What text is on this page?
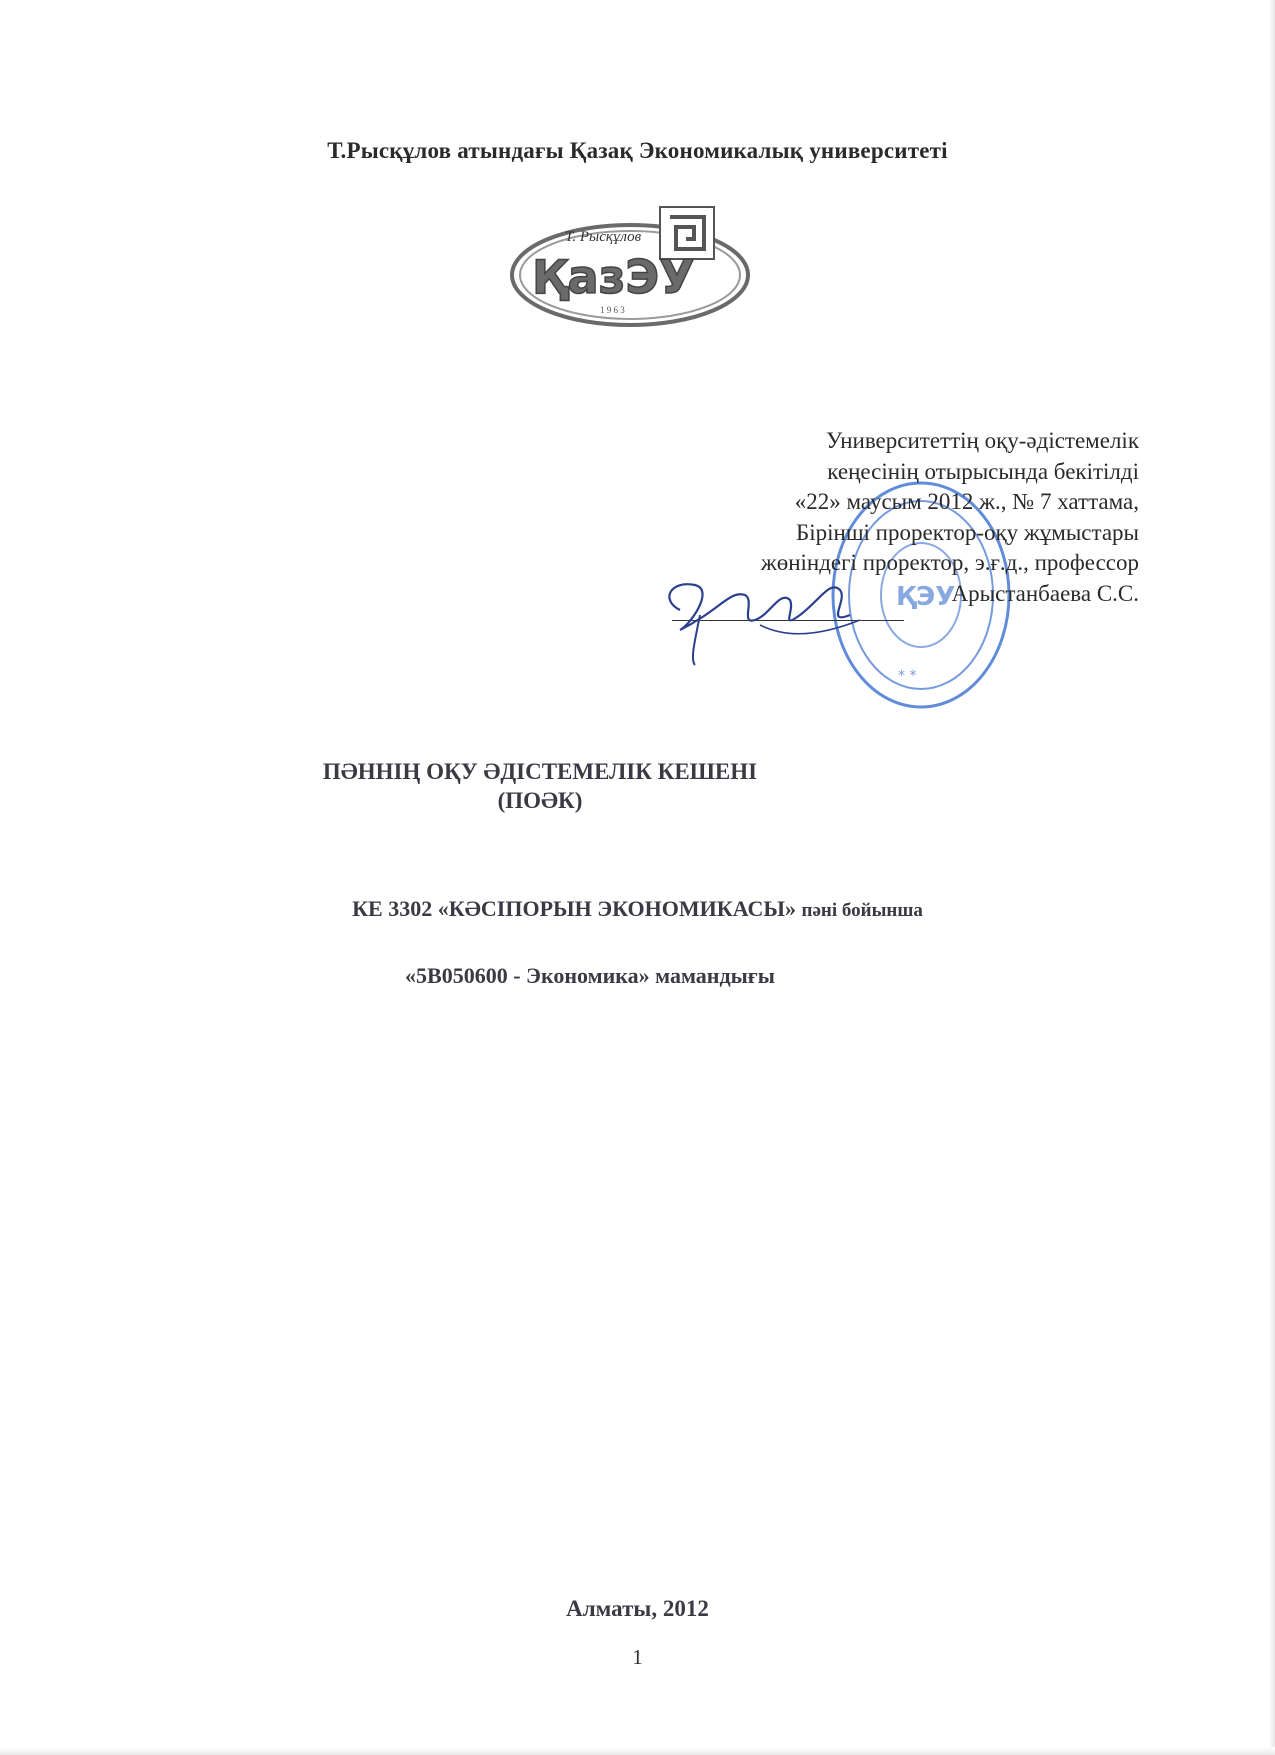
Т.Рысқұлов атындағы Қазақ Экономикалық университеті
Т. Рысқұлов
ҚазЭУ
1 9 6 3
ҚЭУ
* *
Университеттің оқу-әдістемелік
кеңесінің отырысында бекітілді
«22» маусым 2012 ж., № 7 хаттама,
Бірінші проректор-оқу жұмыстары
жөніндегі проректор, э.ғ.д., профессор
Арыстанбаева С.С.
ПӘННІҢ ОҚУ ӘДІСТЕМЕЛІК КЕШЕНІ
(ПОӘК)
КЕ 3302 «КӘСІПОРЫН ЭКОНОМИКАСЫ» пәні бойынша
«5В050600 - Экономика» мамандығы
Алматы, 2012
1
